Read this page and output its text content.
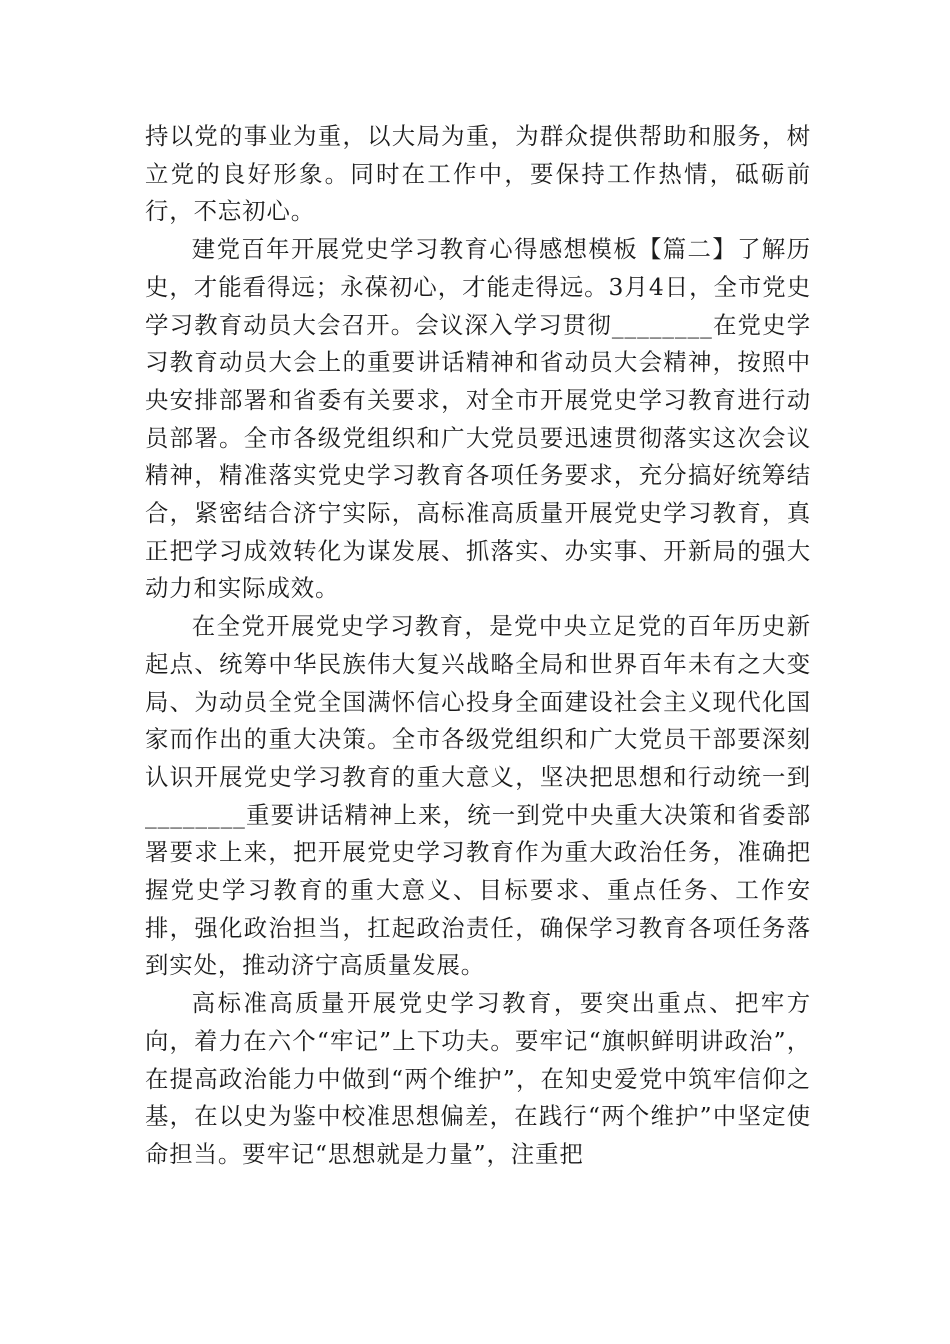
持以党的事业为重，以大局为重，为群众提供帮助和服务，树立党的良好形象。同时在工作中，要保持工作热情，砥砺前行，不忘初心。

建党百年开展党史学习教育心得感想模板【篇二】了解历史，才能看得远；永葆初心，才能走得远。3月4日，全市党史学习教育动员大会召开。会议深入学习贯彻________在党史学习教育动员大会上的重要讲话精神和省动员大会精神，按照中央安排部署和省委有关要求，对全市开展党史学习教育进行动员部署。全市各级党组织和广大党员要迅速贯彻落实这次会议精神，精准落实党史学习教育各项任务要求，充分搞好统筹结合，紧密结合济宁实际，高标准高质量开展党史学习教育，真正把学习成效转化为谋发展、抓落实、办实事、开新局的强大动力和实际成效。

在全党开展党史学习教育，是党中央立足党的百年历史新起点、统筹中华民族伟大复兴战略全局和世界百年未有之大变局、为动员全党全国满怀信心投身全面建设社会主义现代化国家而作出的重大决策。全市各级党组织和广大党员干部要深刻认识开展党史学习教育的重大意义，坚决把思想和行动统一到________重要讲话精神上来，统一到党中央重大决策和省委部署要求上来，把开展党史学习教育作为重大政治任务，准确把握党史学习教育的重大意义、目标要求、重点任务、工作安排，强化政治担当，扛起政治责任，确保学习教育各项任务落到实处，推动济宁高质量发展。

高标准高质量开展党史学习教育，要突出重点、把牢方向，着力在六个“牢记”上下功夫。要牢记“旗帜鲜明讲政治”，在提高政治能力中做到“两个维护”，在知史爱党中筑牢信仰之基，在以史为鉴中校准思想偏差，在践行“两个维护”中坚定使命担当。要牢记“思想就是力量”，注重把
